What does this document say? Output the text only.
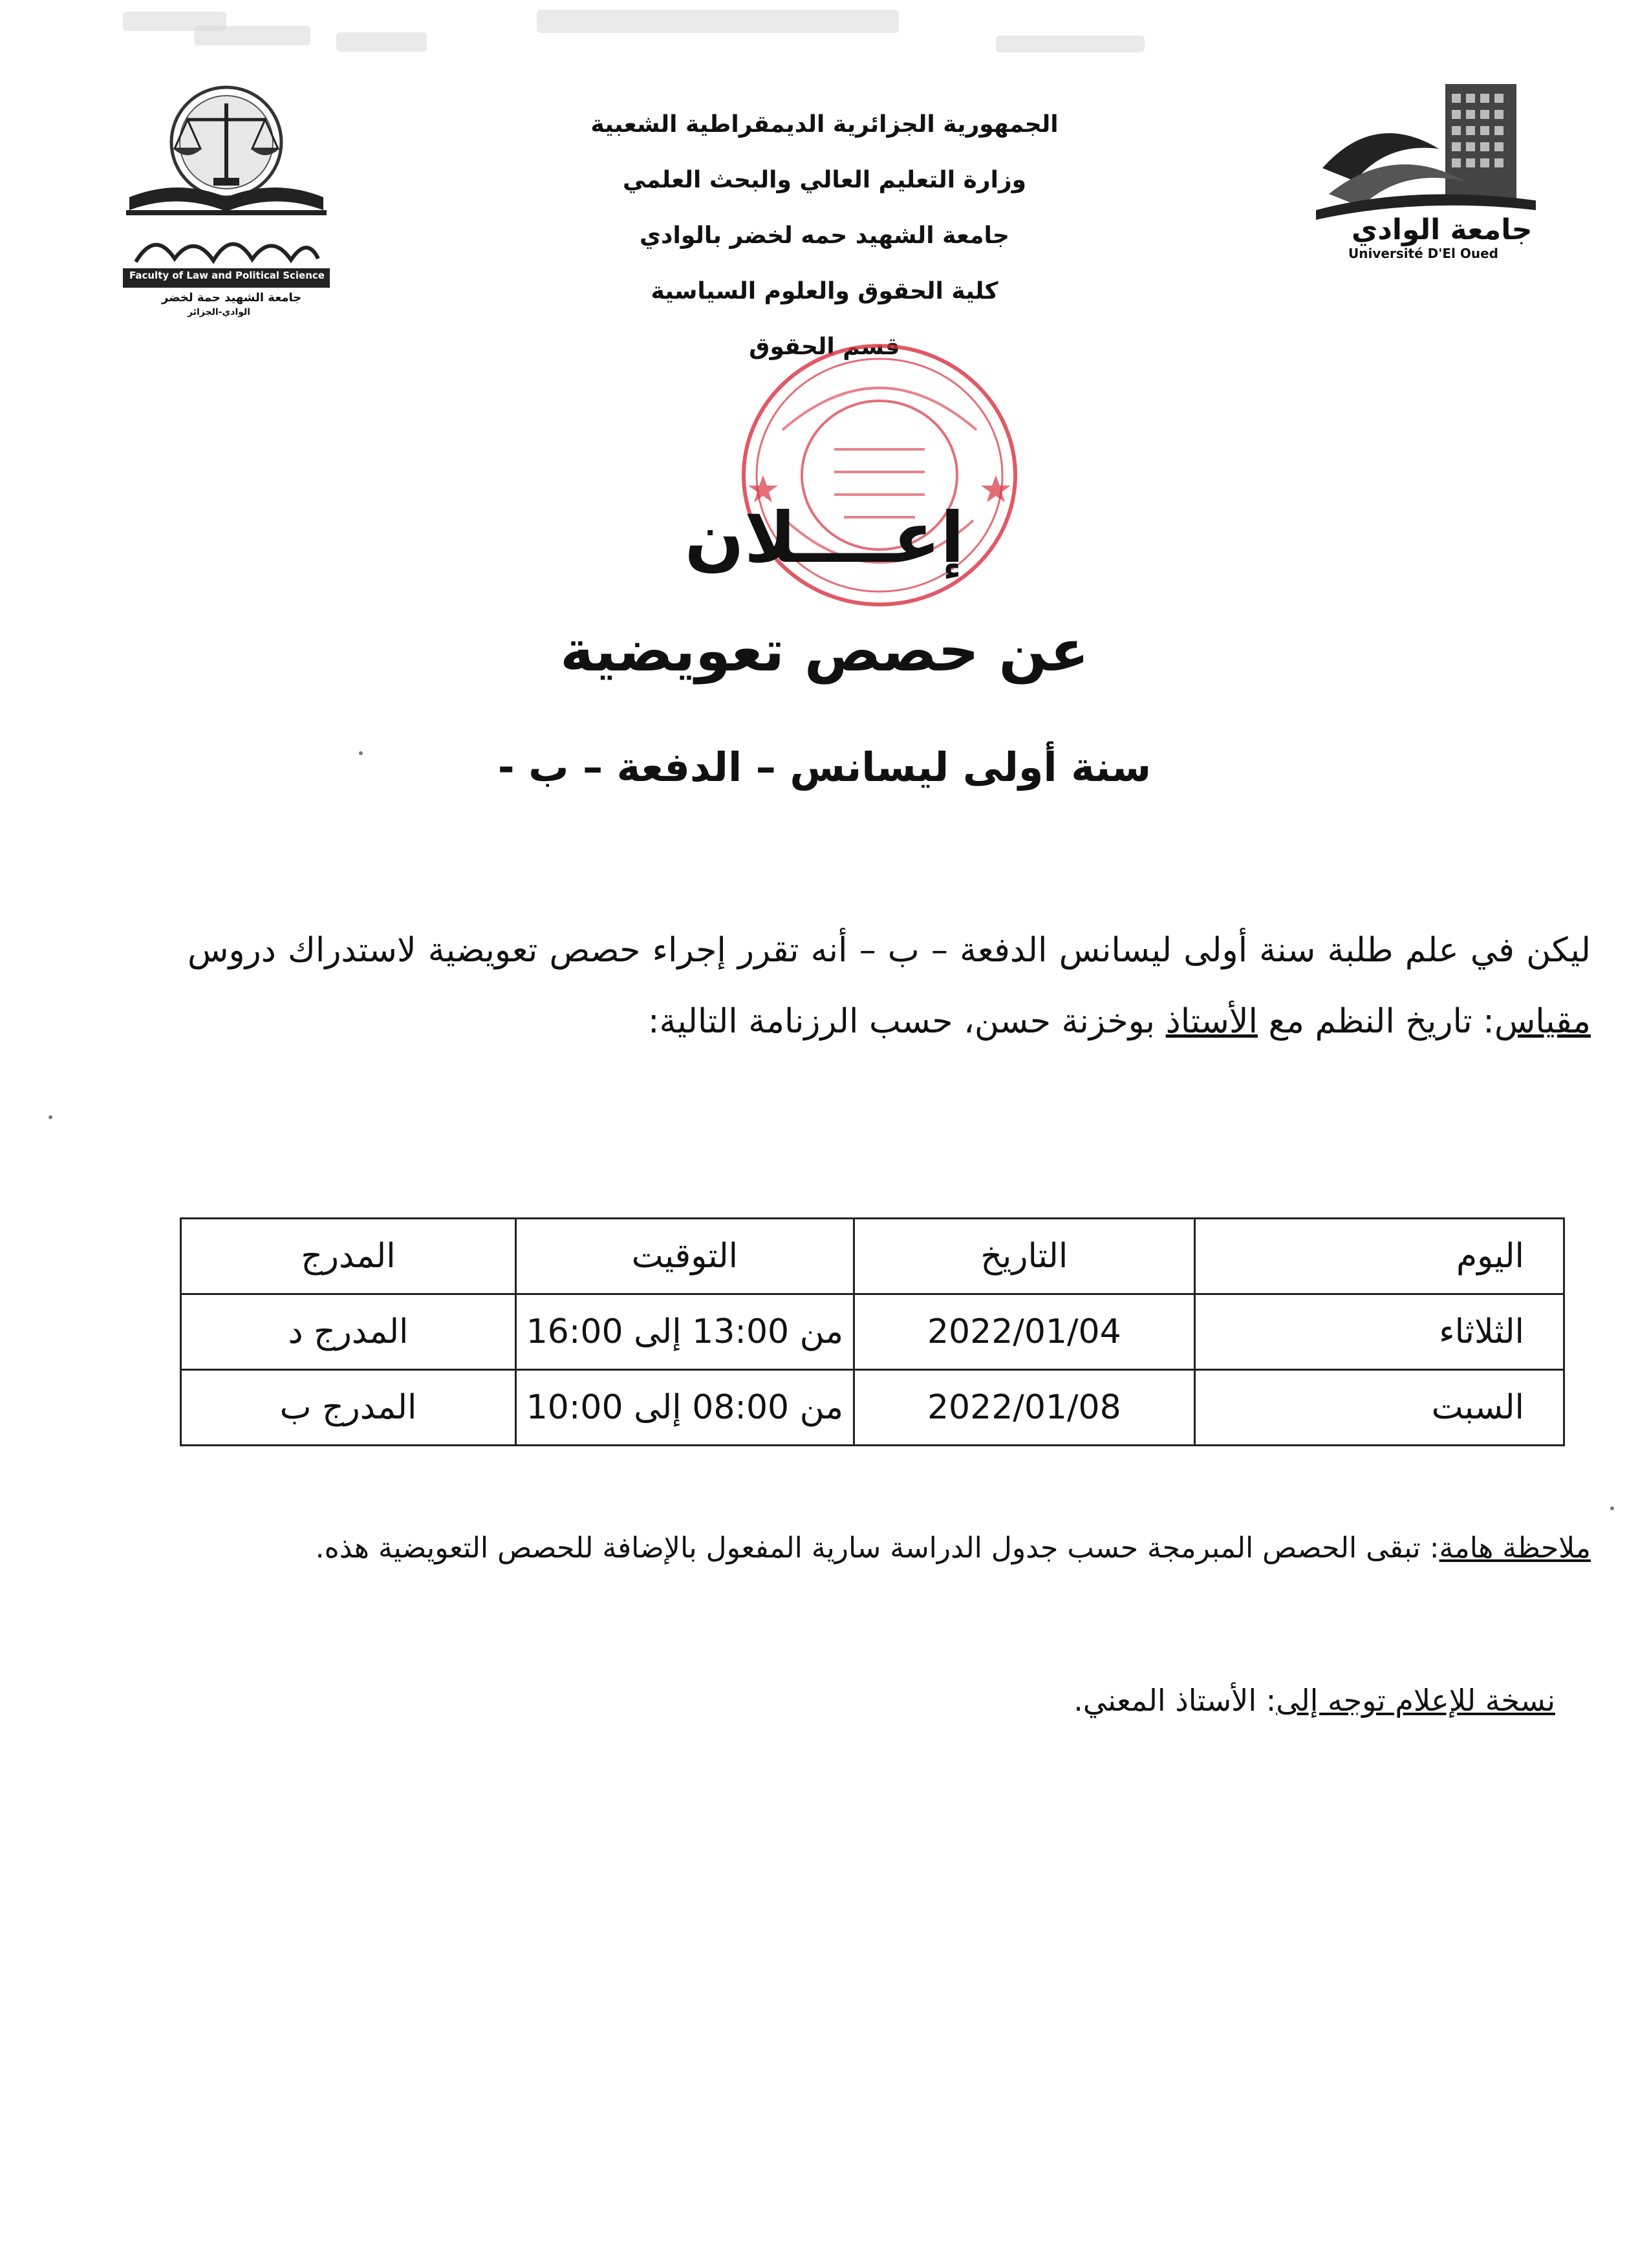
Faculty of Law and Political Science
جامعة الشهيد حمة لخضر
الوادي-الجزائر
جامعة الوادي
Université D'El Oued
الجمهورية الجزائرية الديمقراطية الشعبية
وزارة التعليم العالي والبحث العلمي
جامعة الشهيد حمه لخضر بالوادي
كلية الحقوق والعلوم السياسية
قسم الحقوق
إعــــلان
عن حصص تعويضية
سنة أولى ليسانس – الدفعة – ب -
ليكن في علم طلبة سنة أولى ليسانس الدفعة – ب – أنه تقرر إجراء حصص تعويضية لاستدراك دروس مقياس: تاريخ النظم مع الأستاذ بوخزنة حسن، حسب الرزنامة التالية:
اليوم	التاريخ	التوقيت	المدرج
الثلاثاء	2022/01/04	من 13:00 إلى 16:00	المدرج د
السبت	2022/01/08	من 08:00 إلى 10:00	المدرج ب
ملاحظة هامة: تبقى الحصص المبرمجة حسب جدول الدراسة سارية المفعول بالإضافة للحصص التعويضية هذه.
نسخة للإعلام توجه إلى: الأستاذ المعني.
